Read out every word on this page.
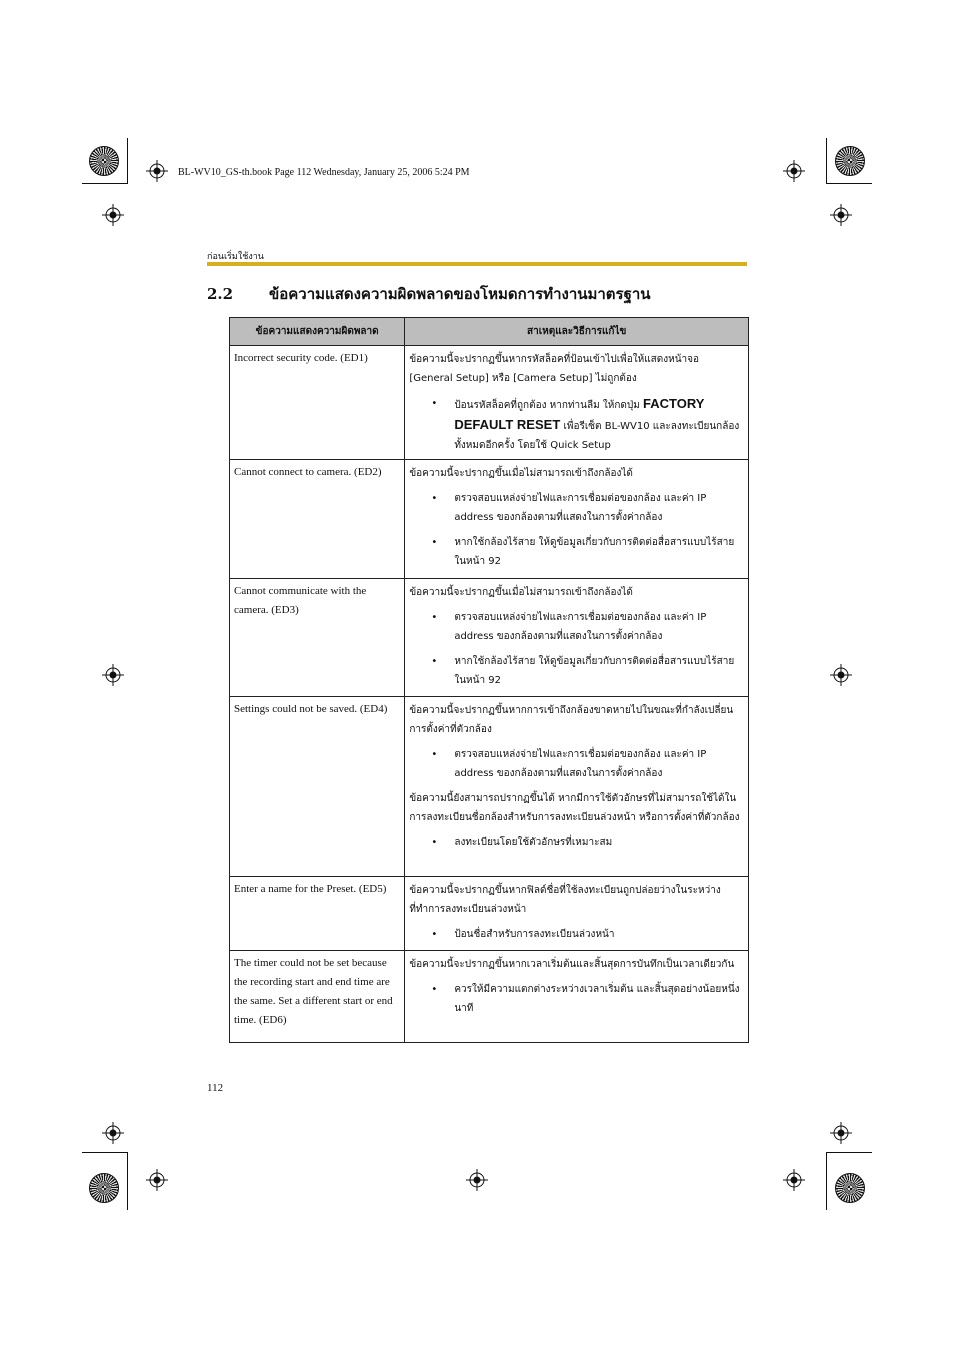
BL-WV10_GS-th.book Page 112 Wednesday, January 25, 2006 5:24 PM
ก่อนเริ่มใช้งาน
2.2 ข้อความแสดงความผิดพลาดของโหมดการทำงานมาตรฐาน
ข้อความแสดงความผิดพลาด	สาเหตุและวิธีการแก้ไข
Incorrect security code. (ED1)	ข้อความนี้จะปรากฏขึ้นหากรหัสล็อคที่ป้อนเข้าไปเพื่อให้แสดงหน้าจอ [General Setup] หรือ [Camera Setup] ไม่ถูกต้อง

• ป้อนรหัสล็อคที่ถูกต้อง หากท่านลืม ให้กดปุ่ม FACTORY DEFAULT RESET เพื่อรีเซ็ต BL-WV10 และลงทะเบียนกล้องทั้งหมดอีกครั้ง โดยใช้ Quick Setup

Cannot connect to camera. (ED2)	ข้อความนี้จะปรากฏขึ้นเมื่อไม่สามารถเข้าถึงกล้องได้

• ตรวจสอบแหล่งจ่ายไฟและการเชื่อมต่อของกล้อง และค่า IP address ของกล้องตามที่แสดงในการตั้งค่ากล้อง
• หากใช้กล้องไร้สาย ให้ดูข้อมูลเกี่ยวกับการติดต่อสื่อสารแบบไร้สายในหน้า 92

Cannot communicate with the camera. (ED3)	ข้อความนี้จะปรากฏขึ้นเมื่อไม่สามารถเข้าถึงกล้องได้

• ตรวจสอบแหล่งจ่ายไฟและการเชื่อมต่อของกล้อง และค่า IP address ของกล้องตามที่แสดงในการตั้งค่ากล้อง
• หากใช้กล้องไร้สาย ให้ดูข้อมูลเกี่ยวกับการติดต่อสื่อสารแบบไร้สายในหน้า 92

Settings could not be saved. (ED4)	ข้อความนี้จะปรากฏขึ้นหากการเข้าถึงกล้องขาดหายไปในขณะที่กำลังเปลี่ยนการตั้งค่าที่ตัวกล้อง

• ตรวจสอบแหล่งจ่ายไฟและการเชื่อมต่อของกล้อง และค่า IP address ของกล้องตามที่แสดงในการตั้งค่ากล้อง

ข้อความนี้ยังสามารถปรากฏขึ้นได้ หากมีการใช้ตัวอักษรที่ไม่สามารถใช้ได้ในการลงทะเบียนชื่อกล้องสำหรับการลงทะเบียนล่วงหน้า หรือการตั้งค่าที่ตัวกล้อง

• ลงทะเบียนโดยใช้ตัวอักษรที่เหมาะสม

Enter a name for the Preset. (ED5)	ข้อความนี้จะปรากฏขึ้นหากฟิลด์ชื่อที่ใช้ลงทะเบียนถูกปล่อยว่างในระหว่างที่ทำการลงทะเบียนล่วงหน้า

• ป้อนชื่อสำหรับการลงทะเบียนล่วงหน้า

The timer could not be set because the recording start and end time are the same. Set a different start or end time. (ED6)	ข้อความนี้จะปรากฏขึ้นหากเวลาเริ่มต้นและสิ้นสุดการบันทึกเป็นเวลาเดียวกัน

• ควรให้มีความแตกต่างระหว่างเวลาเริ่มต้น และสิ้นสุดอย่างน้อยหนึ่งนาที
112
